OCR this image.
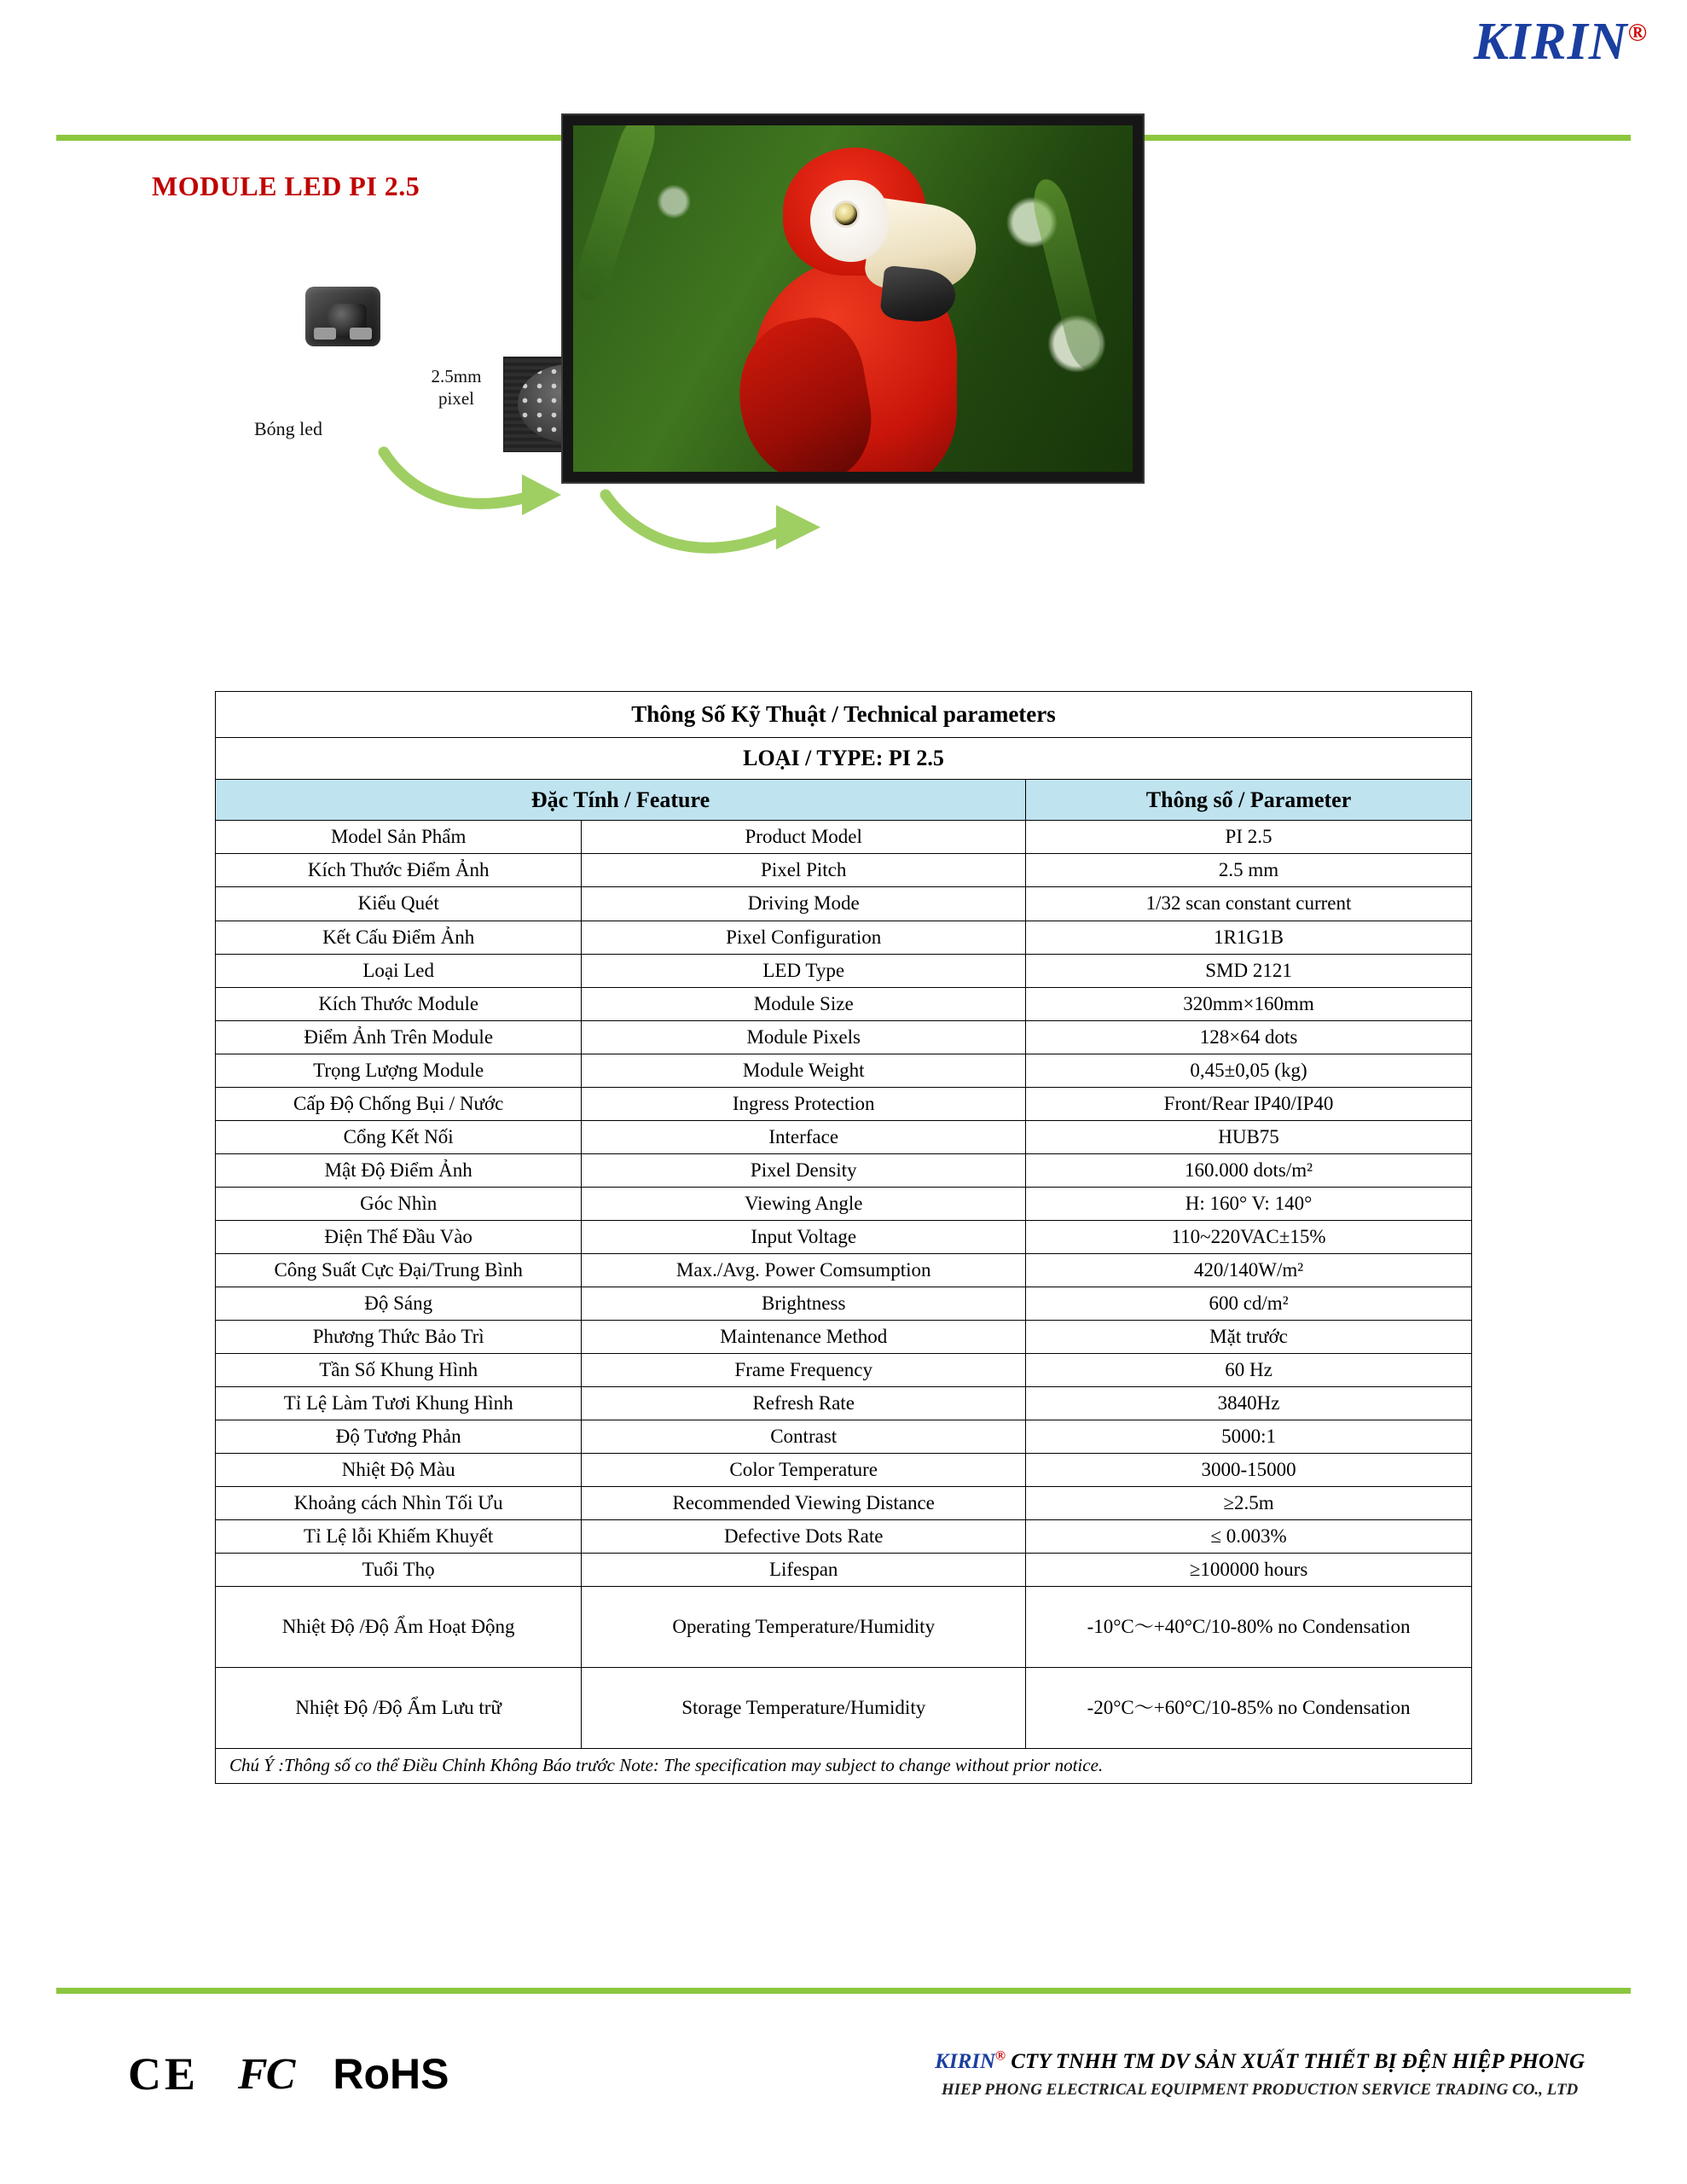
KIRIN®
MODULE LED PI 2.5
Bóng led
2.5mm
pixel
Thông Số Kỹ Thuật / Technical parameters		
LOẠI / TYPE: PI 2.5		
Đặc Tính / Feature		Thông số / Parameter
Model Sản Phẩm	Product Model	PI 2.5
Kích Thước Điểm Ảnh	Pixel Pitch	2.5 mm
Kiểu Quét	Driving Mode	1/32 scan constant current
Kết Cấu Điểm Ảnh	Pixel Configuration	1R1G1B
Loại Led	LED Type	SMD 2121
Kích Thước Module	Module Size	320mm×160mm
Điểm Ảnh Trên Module	Module Pixels	128×64 dots
Trọng Lượng Module	Module Weight	0,45±0,05 (kg)
Cấp Độ Chống Bụi / Nước	Ingress Protection	Front/Rear IP40/IP40
Cổng Kết Nối	Interface	HUB75
Mật Độ Điểm Ảnh	Pixel Density	160.000 dots/m²
Góc Nhìn	Viewing Angle	H: 160° V: 140°
Điện Thế Đầu Vào	Input Voltage	110~220VAC±15%
Công Suất Cực Đại/Trung Bình	Max./Avg. Power Comsumption	420/140W/m²
Độ Sáng	Brightness	600 cd/m²
Phương Thức Bảo Trì	Maintenance Method	Mặt trước
Tần Số Khung Hình	Frame Frequency	60 Hz
Tỉ Lệ Làm Tươi Khung Hình	Refresh Rate	3840Hz
Độ Tương Phản	Contrast	5000:1
Nhiệt Độ Màu	Color Temperature	3000-15000
Khoảng cách Nhìn Tối Ưu	Recommended Viewing Distance	≥2.5m
Tỉ Lệ lỗi Khiếm Khuyết	Defective Dots Rate	≤ 0.003%
Tuổi Thọ	Lifespan	≥100000 hours
Nhiệt Độ /Độ Ẩm Hoạt Động	Operating Temperature/Humidity	-10°C～+40°C/10-80% no Condensation
Nhiệt Độ /Độ Ẩm Lưu trữ	Storage Temperature/Humidity	-20°C～+60°C/10-85% no Condensation
Chú Ý :Thông số co thể Điều Chỉnh Không Báo trước Note: The specification may subject to change without prior notice.		
CE FC RoHS	KIRIN® CTY TNHH TM DV SẢN XUẤT THIẾT BỊ ĐỆN HIỆP PHONG
HIEP PHONG ELECTRICAL EQUIPMENT PRODUCTION SERVICE TRADING CO., LTD
